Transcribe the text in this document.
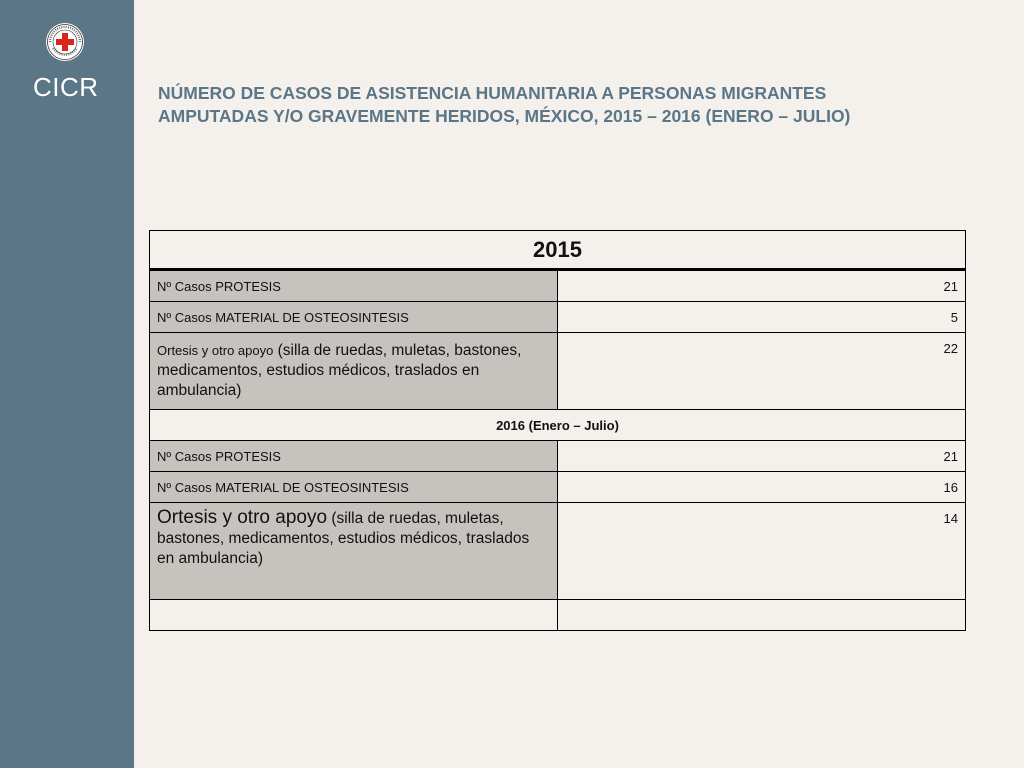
CICR	NÚMERO DE CASOS DE ASISTENCIA HUMANITARIA A PERSONAS MIGRANTES
AMPUTADAS Y/O GRAVEMENTE HERIDOS, MÉXICO, 2015 – 2016 (ENERO – JULIO)
2015	
Nº Casos PROTESIS	21
Nº Casos MATERIAL DE OSTEOSINTESIS	5
Ortesis y otro apoyo (silla de ruedas, muletas, bastones, medicamentos, estudios médicos, traslados en ambulancia)	22
2016 (Enero – Julio)	
Nº Casos PROTESIS	21
Nº Casos MATERIAL DE OSTEOSINTESIS	16
Ortesis y otro apoyo (silla de ruedas, muletas, bastones, medicamentos, estudios médicos, traslados en ambulancia)	14
